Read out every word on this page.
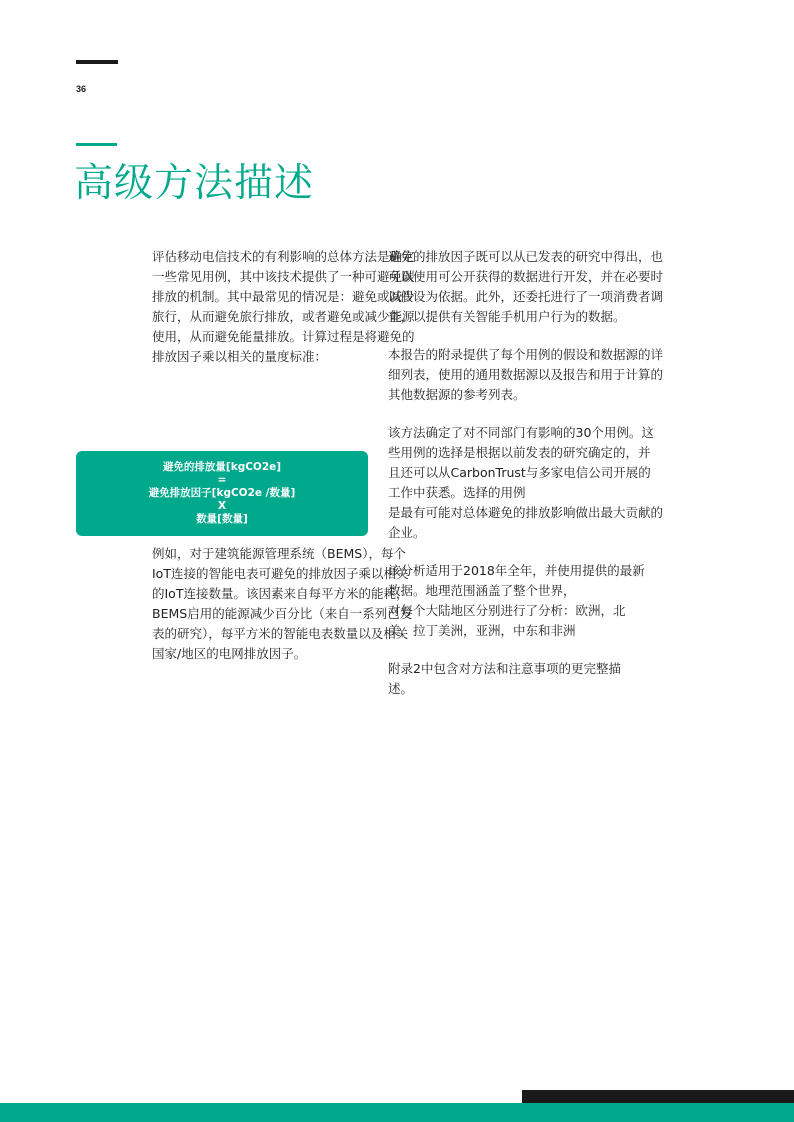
36
高级方法描述

评估移动电信技术的有利影响的总体方法是确定
一些常见用例，其中该技术提供了一种可避免碳
排放的机制。其中最常见的情况是：避免或减少
旅行，从而避免旅行排放，或者避免或减少能源
使用，从而避免能量排放。计算过程是将避免的
排放因子乘以相关的量度标准：

例如，对于建筑能源管理系统（BEMS），每个
IoT连接的智能电表可避免的排放因子乘以相关
的IoT连接数量。该因素来自每平方米的能耗，
BEMS启用的能源减少百分比（来自一系列已发
表的研究），每平方米的智能电表数量以及相关
国家/地区的电网排放因子。

避免的排放量[kgCO2e]
=
避免排放因子[kgCO2e /数量]
X
数量[数量]

避免的排放因子既可以从已发表的研究中得出，也
可以使用可公开获得的数据进行开发，并在必要时
以假设为依据。此外，还委托进行了一项消费者调
查，以提供有关智能手机用户行为的数据。

本报告的附录提供了每个用例的假设和数据源的详
细列表，使用的通用数据源以及报告和用于计算的
其他数据源的参考列表。

该方法确定了对不同部门有影响的30个用例。这
些用例的选择是根据以前发表的研究确定的，并
且还可以从CarbonTrust与多家电信公司开展的
工作中获悉。选择的用例
是最有可能对总体避免的排放影响做出最大贡献的
企业。

该分析适用于2018年全年，并使用提供的最新
数据。地理范围涵盖了整个世界，
对每个大陆地区分别进行了分析：欧洲，北
美，拉丁美洲，亚洲，中东和非洲

附录2中包含对方法和注意事项的更完整描
述。
